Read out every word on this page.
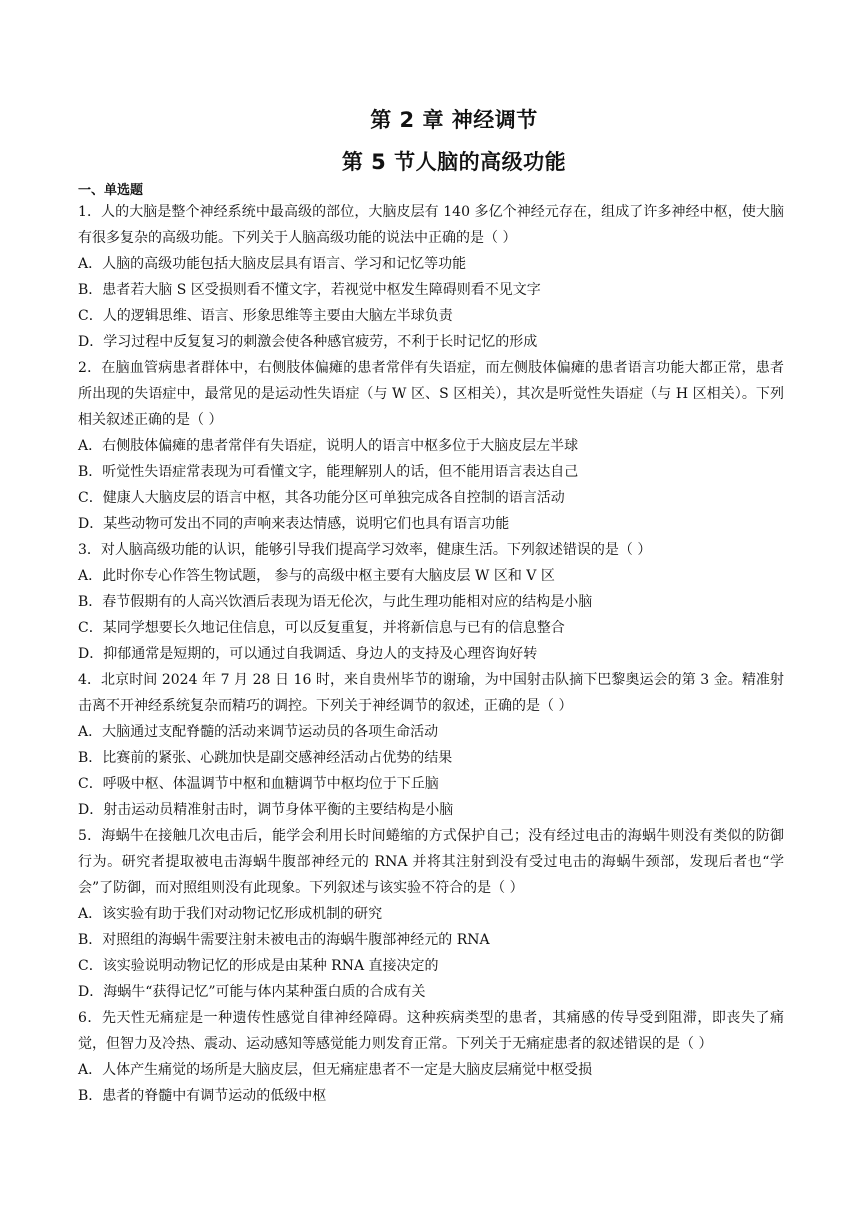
第 2 章 神经调节
第 5 节人脑的高级功能
一、单选题

1．人的大脑是整个神经系统中最高级的部位，大脑皮层有 140 多亿个神经元存在，组成了许多神经中枢，使大脑有很多复杂的高级功能。下列关于人脑高级功能的说法中正确的是（ ）

A．人脑的高级功能包括大脑皮层具有语言、学习和记忆等功能

B．患者若大脑 S 区受损则看不懂文字，若视觉中枢发生障碍则看不见文字

C．人的逻辑思维、语言、形象思维等主要由大脑左半球负责

D．学习过程中反复复习的刺激会使各种感官疲劳，不利于长时记忆的形成

2．在脑血管病患者群体中，右侧肢体偏瘫的患者常伴有失语症，而左侧肢体偏瘫的患者语言功能大都正常，患者所出现的失语症中，最常见的是运动性失语症（与 W 区、S 区相关），其次是听觉性失语症（与 H 区相关）。下列相关叙述正确的是（ ）

A．右侧肢体偏瘫的患者常伴有失语症，说明人的语言中枢多位于大脑皮层左半球

B．听觉性失语症常表现为可看懂文字，能理解别人的话，但不能用语言表达自己

C．健康人大脑皮层的语言中枢，其各功能分区可单独完成各自控制的语言活动

D．某些动物可发出不同的声响来表达情感，说明它们也具有语言功能

3．对人脑高级功能的认识，能够引导我们提高学习效率，健康生活。下列叙述错误的是（ ）

A．此时你专心作答生物试题， 参与的高级中枢主要有大脑皮层 W 区和 V 区

B．春节假期有的人高兴饮酒后表现为语无伦次，与此生理功能相对应的结构是小脑

C．某同学想要长久地记住信息，可以反复重复，并将新信息与已有的信息整合

D．抑郁通常是短期的，可以通过自我调适、身边人的支持及心理咨询好转

4．北京时间 2024 年 7 月 28 日 16 时，来自贵州毕节的谢瑜，为中国射击队摘下巴黎奥运会的第 3 金。精准射击离不开神经系统复杂而精巧的调控。下列关于神经调节的叙述，正确的是（ ）

A．大脑通过支配脊髓的活动来调节运动员的各项生命活动

B．比赛前的紧张、心跳加快是副交感神经活动占优势的结果

C．呼吸中枢、体温调节中枢和血糖调节中枢均位于下丘脑

D．射击运动员精准射击时，调节身体平衡的主要结构是小脑

5．海蜗牛在接触几次电击后，能学会利用长时间蜷缩的方式保护自己；没有经过电击的海蜗牛则没有类似的防御行为。研究者提取被电击海蜗牛腹部神经元的 RNA 并将其注射到没有受过电击的海蜗牛颈部，发现后者也“学会”了防御，而对照组则没有此现象。下列叙述与该实验不符合的是（ ）

A．该实验有助于我们对动物记忆形成机制的研究

B．对照组的海蜗牛需要注射未被电击的海蜗牛腹部神经元的 RNA

C．该实验说明动物记忆的形成是由某种 RNA 直接决定的

D．海蜗牛“获得记忆”可能与体内某种蛋白质的合成有关

6．先天性无痛症是一种遗传性感觉自律神经障碍。这种疾病类型的患者，其痛感的传导受到阻滞，即丧失了痛觉，但智力及冷热、震动、运动感知等感觉能力则发育正常。下列关于无痛症患者的叙述错误的是（ ）

A．人体产生痛觉的场所是大脑皮层，但无痛症患者不一定是大脑皮层痛觉中枢受损

B．患者的脊髓中有调节运动的低级中枢
